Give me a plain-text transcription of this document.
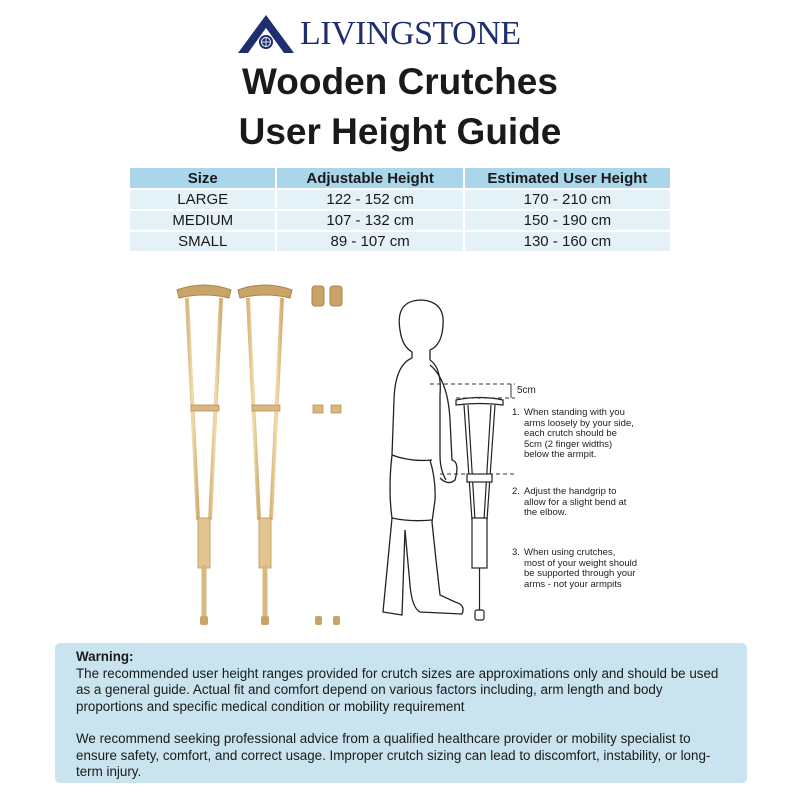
LIVINGSTONE
Wooden Crutches
User Height Guide
Size	Adjustable Height	Estimated User Height
LARGE	122 - 152 cm	170 - 210 cm
MEDIUM	107 - 132 cm	150 - 190 cm
SMALL	89 - 107 cm	130 - 160 cm
5cm
1. When standing with you arms loosely by your side, each crutch should be 5cm (2 finger widths) below the armpit.
2. Adjust the handgrip to allow for a slight bend at the elbow.
3. When using crutches, most of your weight should be supported through your arms - not your armpits
Warning:

The recommended user height ranges provided for crutch sizes are approximations only and should be used as a general guide. Actual fit and comfort depend on various factors including, arm length and body proportions and specific medical condition or mobility requirement

We recommend seeking professional advice from a qualified healthcare provider or mobility specialist to ensure safety, comfort, and correct usage. Improper crutch sizing can lead to discomfort, instability, or long-term injury.
